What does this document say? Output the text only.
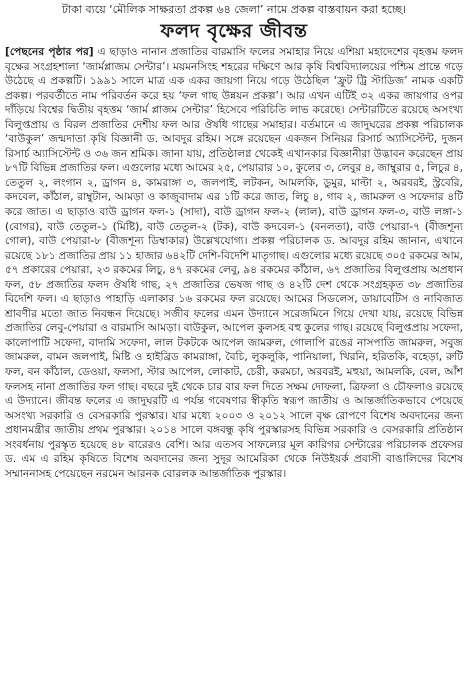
টাকা ব্যয়ে ‘মৌলিক সাক্ষরতা প্রকল্প ৬৪ জেলা’ নামে প্রকল্প বাস্তবায়ন করা হচ্ছে।

ফলদ বৃক্ষের জীবন্ত

[পেছনের পৃষ্ঠার পর] এ ছাড়াও নানান প্রজাতির বারমাসি ফলের সমাহার নিয়ে এশিয়া মহাদেশের বৃহত্তম ফলদ বৃক্ষের সংগ্রহশালা ‘জার্মপ্লাজম সেন্টার’। ময়মনসিংহ শহরের দক্ষিণে আর কৃষি বিশ্ববিদ্যালয়ের পশ্চিম প্রান্তে গড়ে উঠেছে এ প্রকল্পটি। ১৯৯১ সালে মাত্র এক একর জায়গা নিয়ে গড়ে উঠেছিল ‘ফ্রুট ট্রি স্টাডিজ’ নামক একটি প্রকল্প। পরবর্তীতে নাম পরিবর্তন করে হয় ‘ফল গাছ উন্নয়ন প্রকল্প’। আর এখন এটিই ৩২ একর জায়গার ওপর দাঁড়িয়ে বিশ্বের দ্বিতীয় বৃহত্তম ‘জার্ম প্লাজম সেন্টার’ হিসেবে পরিচিতি লাভ করেছে। সেন্টারটিতে রয়েছে অসংখ্য বিলুপ্তপ্রায় ও বিরল প্রজাতির দেশীয় ফল আর ঔষধি গাছের সমাহার। বর্তমানে এ জাদুঘরের প্রকল্প পরিচালক ‘বাউকুল’ জন্মদাতা কৃষি বিজ্ঞানী ড. আবদুর রহিম। সঙ্গে রয়েছেন একজন সিনিয়র রিসার্চ অ্যাসিস্টেন্ট, দুজন রিসার্চ অ্যাসিস্টেন্ট ও ৩৬ জন শ্রমিক। জানা যায়, প্রতিষ্ঠালগ্ন থেকেই এখানকার বিজ্ঞানীরা উদ্ভাবন করেছেন প্রায় ৮৭টি বিভিন্ন প্রজাতির ফল। এগুলোর মধ্যে আমের ২৫, পেয়ারার ১০, কুলের ৩, লেবুর ৪, জাম্বুরার ৫, লিচুর ৪, তেতুল ২, লংগান ২, ড্রাগন ৪, কামরাঙ্গা ৩, জলপাই, লটকন, আমলকি, ডুমুর, মাল্টা ২, অরবরই, স্ট্রবেরি, কদবেল, কাঁঠাল, রাম্বুটান, আমড়া ও কাজুবাদাম এর ১টি করে জাত, লিচু ৪, গাব ২, জামরুল ও সফেদার ৪টি করে জাত। এ ছাড়াও বাউ ড্রাগন ফল-১ (সাদা), বাউ ড্রাগন ফল-২ (লাল), বাউ ড্রাগন ফল-৩, বাউ লঙ্গা-১ (বোগর), বাউ তেতুল-১ (মিষ্টি), বাউ তেতুল-২ (টক), বাউ কদবেল-১ (বনলতা), বাউ পেয়ারা-৭ (বীজশূন্য গোল), বাউ পেয়ারা-৮ (বীজশূন্য ডিম্বাকার) উল্লেখযোগ্য। প্রকল্প পরিচালক ড. আবদুর রহিম জানান, এখানে রয়েছে ১৮১ প্রজাতির প্রায় ১১ হাজার ৬৪২টি দেশি-বিদেশি মাতৃগাছ। এগুলোর মধ্যে রয়েছে ৩০৫ রকমের আম, ৫৭ প্রকারের পেয়ারা, ২৩ রকমের লিচু, ৪৭ রকমের লেবু, ৯৪ রকমের কাঁঠাল, ৬৭ প্রজাতির বিলুপ্তপ্রায় অপ্রধান ফল, ৫৮ প্রজাতির ফলদ ঔষধি গাছ, ২৭ প্রজাতির ভেষজ গাছ ও ৪২টি দেশ থেকে সংগ্রহকৃত ৩৮ প্রজাতির বিদেশি ফল। এ ছাড়াও পাহাড়ি এলাকার ১৬ রকমের ফল রয়েছে। আমের সিডলেস, ডায়াবেটিস ও নাবিজাত শ্রাবণীর মতো জাত নিবন্ধন দিয়েছে। সজীব ফলের এমন উদ্যানে সরেজমিনে গিয়ে দেখা যায়, রয়েছে বিভিন্ন প্রজাতির লেবু-পেয়ারা ও বারমাসি আমড়া। বাউকুল, আপেল কুলসহ বহু কুলের গাছ। রয়েছে বিলুপ্তপ্রায় সফেদা, কালোপাটি সফেদা, বাদামি সফেদা, লাল টকটকে আপেল জামরুল, গোলাপি রঙের নাসপাতি জামরুল, সবুজ জামরুল, বামন জলপাই, মিষ্টি ও হাইব্রিড কামরাঙ্গা, বৈচি, লুকলুকি, পানিয়ালা, খিরনি, হরিতকি, বহেড়া, রুটি ফল, বন কাঁঠাল, ডেওয়া, ফলসা, স্টার আপেল, লোকাট, চেরী, করমচা, অরবরই, মহুয়া, আমলকি, বেল, আঁশ ফলসহ নানা প্রজাতির ফল গাছ। বছরে দুই থেকে চার বার ফল দিতে সক্ষম দোফলা, ত্রিফলা ও চৌফলাও রয়েছে এ উদ্যানে। জীবন্ত ফলের এ জাদুঘরটি এ পর্যন্ত গবেষণার স্বীকৃতি স্বরূপ জাতীয় ও আন্তর্জাতিকভাবে পেয়েছে অসংখ্য সরকারি ও বেসরকারি পুরস্কার। যার মধ্যে ২০০৩ ও ২০১২ সালে বৃক্ষ রোপণে বিশেষ অবদানের জন্য প্রধানমন্ত্রীর জাতীয় প্রথম পুরস্কার। ২০১৪ সালে বঙ্গবন্ধু কৃষি পুরস্কারসহ বিভিন্ন সরকারি ও বেসরকারি প্রতিষ্ঠান সংবর্ধনায় পুরস্কৃত হয়েছে ৪৮ বারেরও বেশি। আর এতসব সাফল্যের মূল কারিগর সেন্টারের পরিচালক প্রফেসর ড. এম এ রহিম কৃষিতে বিশেষ অবদানের জন্য সুদূর আমেরিকা থেকে নিউইয়র্ক প্রবাসী বাঙালিদের বিশেষ সম্মাননাসহ পেয়েছেন নরমেন আরনক বোরলক আন্তর্জাতিক পুরস্কার।
